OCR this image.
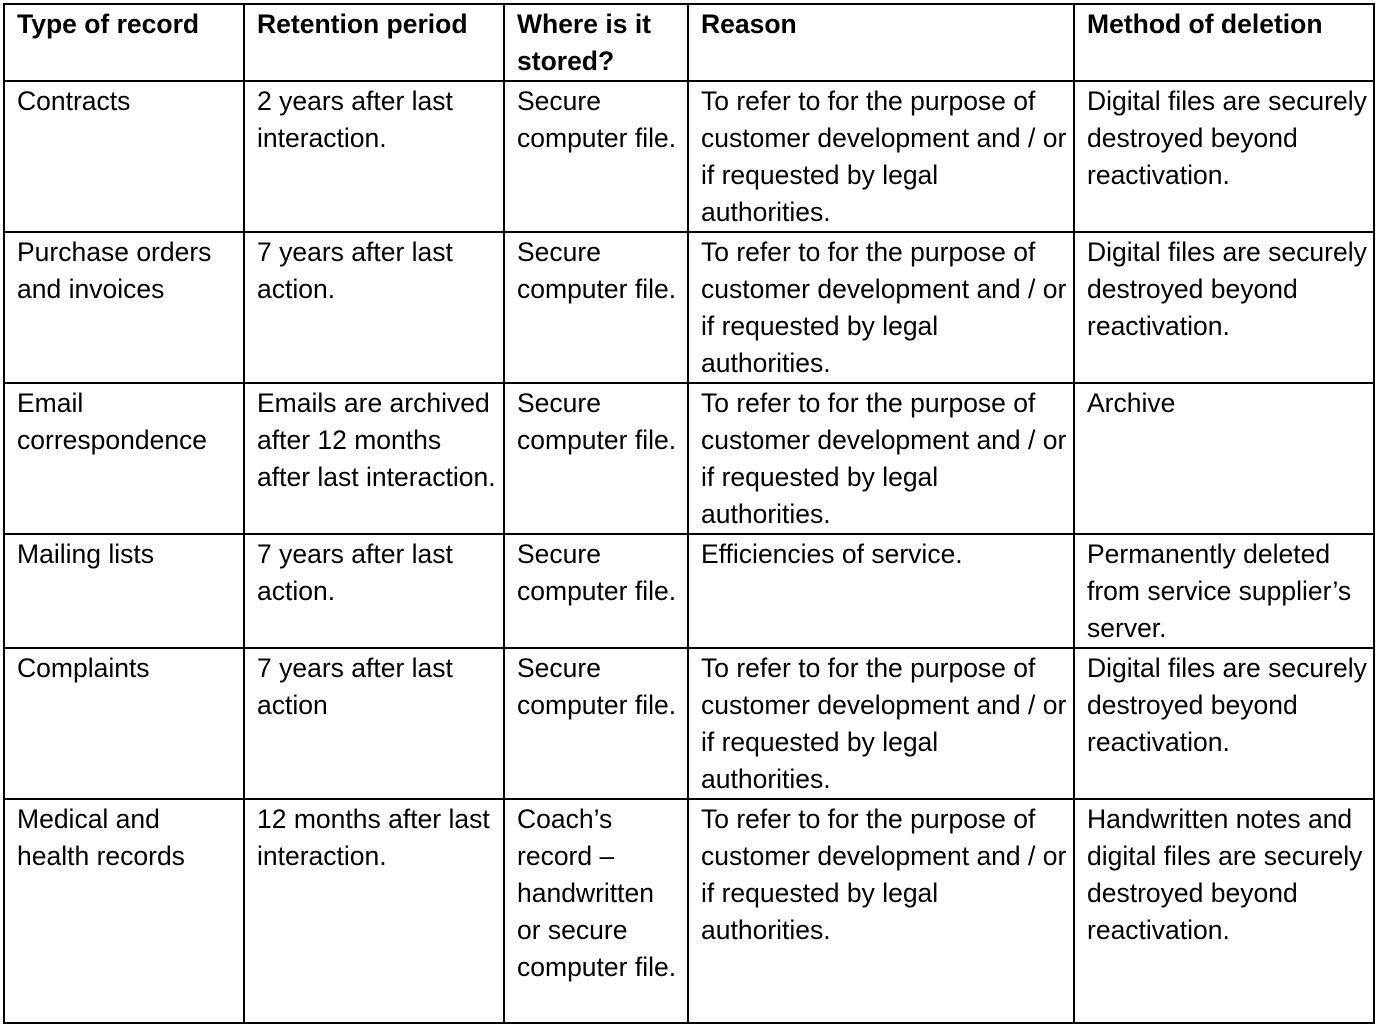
Type of record	Retention period	Where is it stored?	Reason	Method of deletion
Contracts	2 years after last interaction.	Secure computer file.	To refer to for the purpose of customer development and / or if requested by legal authorities.	Digital files are securely destroyed beyond reactivation.
Purchase orders and invoices	7 years after last action.	Secure computer file.	To refer to for the purpose of customer development and / or if requested by legal authorities.	Digital files are securely destroyed beyond reactivation.
Email correspondence	Emails are archived after 12 months after last interaction.	Secure computer file.	To refer to for the purpose of customer development and / or if requested by legal authorities.	Archive
Mailing lists	7 years after last action.	Secure computer file.	Efficiencies of service.	Permanently deleted from service supplier’s server.
Complaints	7 years after last action	Secure computer file.	To refer to for the purpose of customer development and / or if requested by legal authorities.	Digital files are securely destroyed beyond reactivation.
Medical and health records	12 months after last interaction.	Coach’s record – handwritten or secure computer file.	To refer to for the purpose of customer development and / or if requested by legal authorities.	Handwritten notes and digital files are securely destroyed beyond reactivation.
